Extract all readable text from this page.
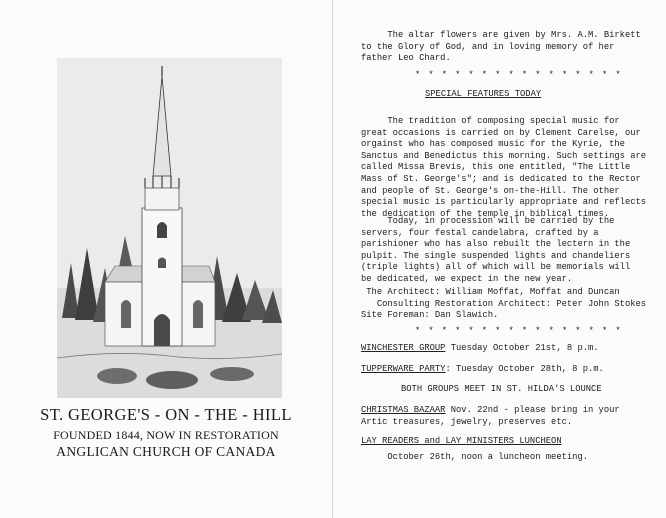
ST. GEORGE'S - ON - THE - HILL
FOUNDED 1844, NOW IN RESTORATION
ANGLICAN CHURCH OF CANADA
The altar flowers are given by Mrs. A.M. Birkett
to the Glory of God, and in loving memory of her
father Leo Chard.
* * * * * * * * * * * * * * * *
SPECIAL FEATURES TODAY
The tradition of composing special music for
great occasions is carried on by Clement Carelse, our
orgainst who has composed music for the Kyrie, the
Sanctus and Benedictus this morning. Such settings are
called Missa Brevis, this one entitled, "The Little
Mass of St. George's"; and is dedicated to the Rector
and people of St. George's on-the-Hill. The other
special music is particularly appropriate and reflects
the dedication of the temple in biblical times.
Today, in procession will be carried by the
servers, four festal candelabra, crafted by a
parishioner who has also rebuilt the lectern in the
pulpit. The single suspended lights and chandeliers
(triple lights) all of which will be memorials will
be dedicated, we expect in the new year.
The Architect: William Moffat, Moffat and Duncan
Consulting Restoration Architect: Peter John Stokes
Site Foreman: Dan Slawich.
* * * * * * * * * * * * * * * *
WINCHESTER GROUP Tuesday October 21st, 8 p.m.
TUPPERWARE PARTY: Tuesday October 28th, 8 p.m.
BOTH GROUPS MEET IN ST. HILDA'S LOUNCE
CHRISTMAS BAZAAR Nov. 22nd - please bring in your
Artic treasures, jewelry, preserves etc.
LAY READERS and LAY MINISTERS LUNCHEON
October 26th, noon a luncheon meeting.
